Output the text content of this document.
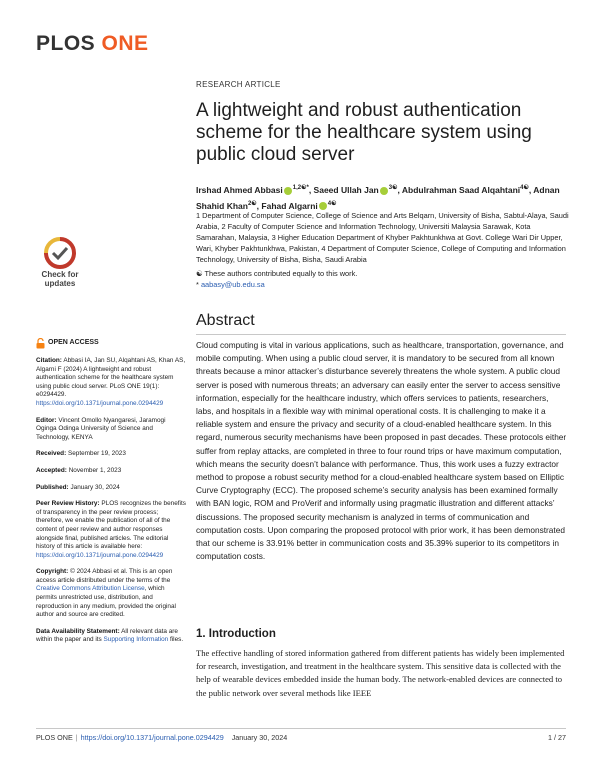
PLOS ONE
Check for
updates
RESEARCH ARTICLE
A lightweight and robust authentication scheme for the healthcare system using public cloud server
Irshad Ahmed Abbasi $^{1,2☯*}$, Saeed Ullah Jan $^{3☯}$, Abdulrahman Saad Alqahtani$^{4☯}$, Adnan Shahid Khan$^{2☯}$, Fahad Algarni $^{4☯}$
1 Department of Computer Science, College of Science and Arts Belqarn, University of Bisha, Sabtul-Alaya, Saudi Arabia, 2 Faculty of Computer Science and Information Technology, Universiti Malaysia Sarawak, Kota Samarahan, Malaysia, 3 Higher Education Department of Khyber Pakhtunkhwa at Govt. College Wari Dir Upper, Wari, Khyber Pakhtunkhwa, Pakistan, 4 Department of Computer Science, College of Computing and Information Technology, University of Bisha, Bisha, Saudi Arabia
☯ These authors contributed equally to this work.
* aabasy@ub.edu.sa
OPEN ACCESS

Citation: Abbasi IA, Jan SU, Alqahtani AS, Khan AS, Algarni F (2024) A lightweight and robust authentication scheme for the healthcare system using public cloud server. PLoS ONE 19(1): e0294429. https://doi.org/10.1371/journal.pone.0294429

Editor: Vincent Omollo Nyangaresi, Jaramogi Oginga Odinga University of Science and Technology, KENYA

Received: September 19, 2023

Accepted: November 1, 2023

Published: January 30, 2024

Peer Review History: PLOS recognizes the benefits of transparency in the peer review process; therefore, we enable the publication of all of the content of peer review and author responses alongside final, published articles. The editorial history of this article is available here: https://doi.org/10.1371/journal.pone.0294429

Copyright: © 2024 Abbasi et al. This is an open access article distributed under the terms of the Creative Commons Attribution License, which permits unrestricted use, distribution, and reproduction in any medium, provided the original author and source are credited.

Data Availability Statement: All relevant data are within the paper and its Supporting Information files.

Abstract

Cloud computing is vital in various applications, such as healthcare, transportation, governance, and mobile computing. When using a public cloud server, it is mandatory to be secured from all known threats because a minor attacker’s disturbance severely threatens the whole system. A public cloud server is posed with numerous threats; an adversary can easily enter the server to access sensitive information, especially for the healthcare industry, which offers services to patients, researchers, labs, and hospitals in a flexible way with minimal operational costs. It is challenging to make it a reliable system and ensure the privacy and security of a cloud-enabled healthcare system. In this regard, numerous security mechanisms have been proposed in past decades. These protocols either suffer from replay attacks, are completed in three to four round trips or have maximum computation, which means the security doesn’t balance with performance. Thus, this work uses a fuzzy extractor method to propose a robust security method for a cloud-enabled healthcare system based on Elliptic Curve Cryptography (ECC). The proposed scheme’s security analysis has been examined formally with BAN logic, ROM and ProVerif and informally using pragmatic illustration and different attacks’ discussions. The proposed security mechanism is analyzed in terms of communication and computation costs. Upon comparing the proposed protocol with prior work, it has been demonstrated that our scheme is 33.91% better in communication costs and 35.39% superior to its competitors in computation costs.

1. Introduction

The effective handling of stored information gathered from different patients has widely been implemented for research, investigation, and treatment in the healthcare system. This sensitive data is collected with the help of wearable devices embedded inside the human body. The network-enabled devices are connected to the public network over several methods like IEEE

PLOS ONE | https://doi.org/10.1371/journal.pone.0294429 January 30, 2024	1 / 27
